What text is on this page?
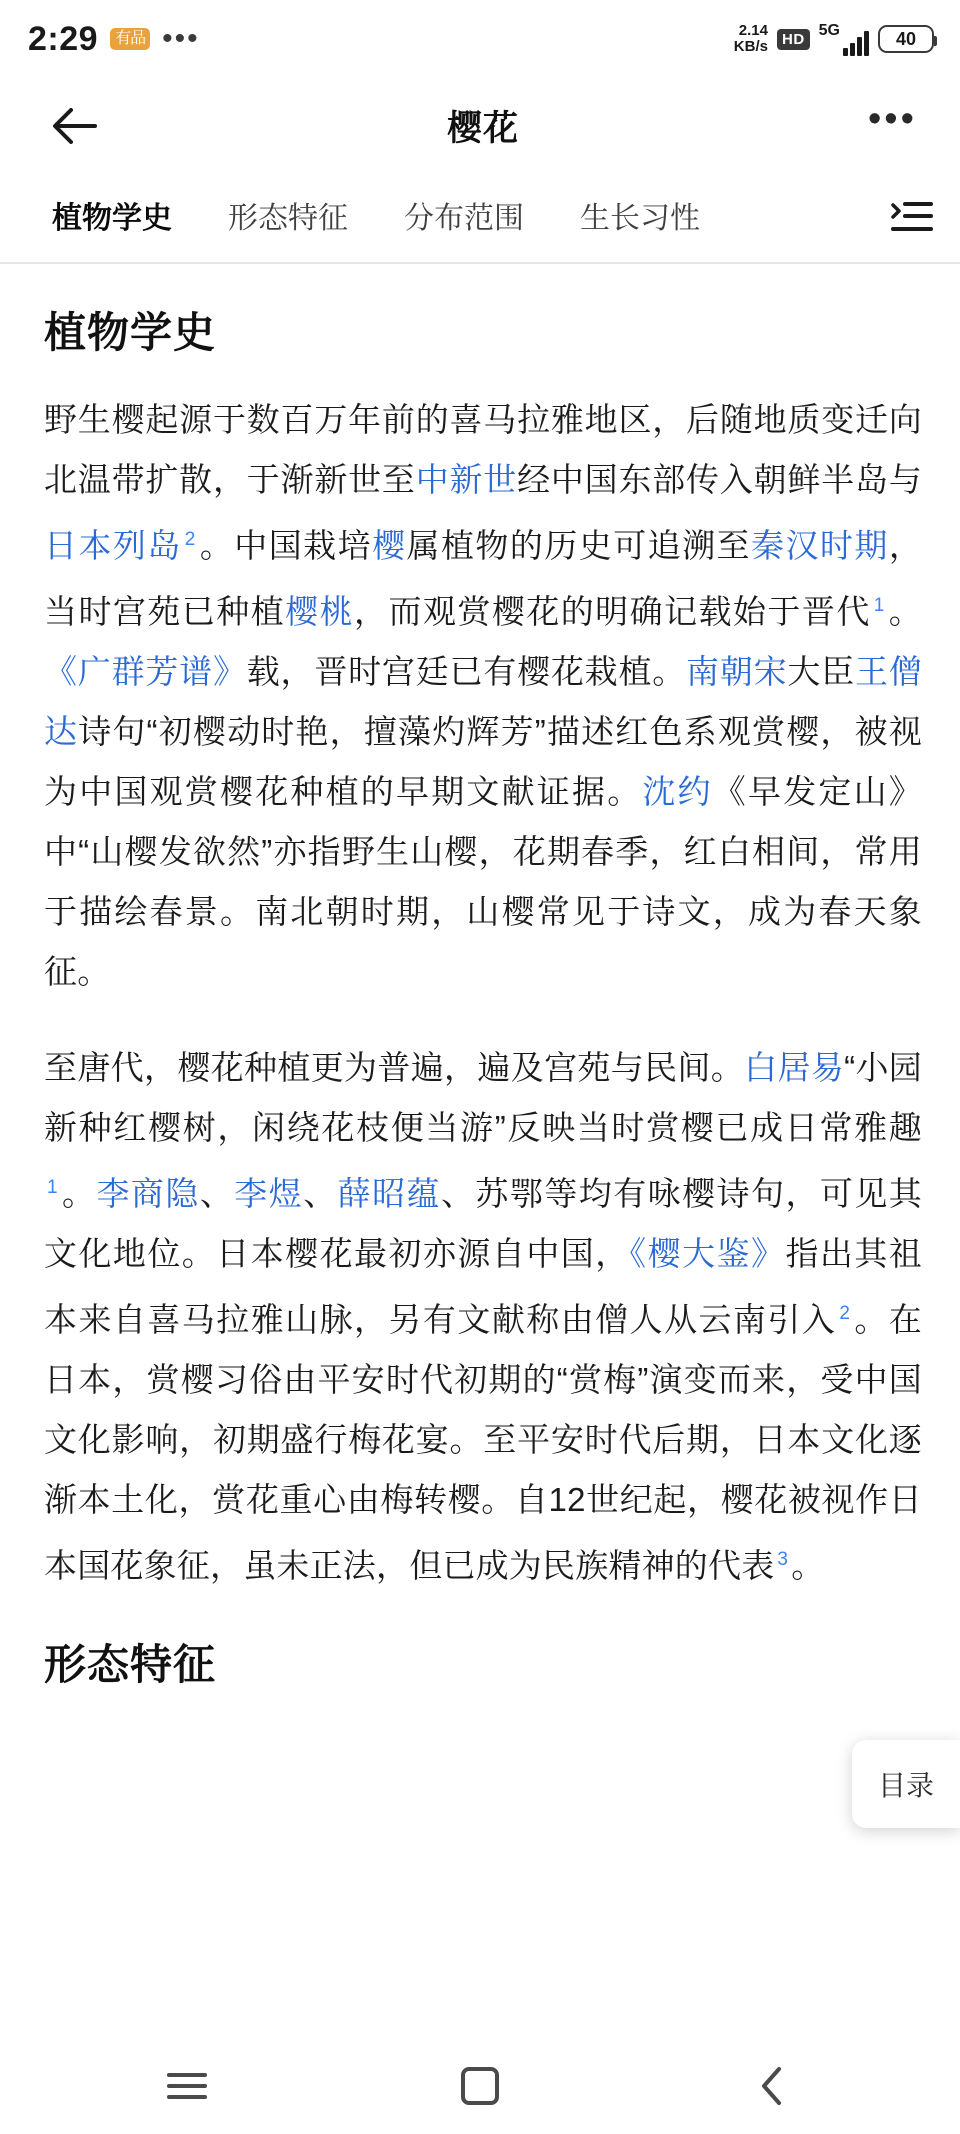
2:29	有品 •••	2.14
KB/s HD
5G	40
樱花	•••
植物学史 形态特征 分布范围 生长习性
植物学史

野生樱起源于数百万年前的喜马拉雅地区，后随地质变迁向北温带扩散，于渐新世至中新世经中国东部传入朝鲜半岛与日本列岛 $^2$。中国栽培樱属植物的历史可追溯至秦汉时期，当时宫苑已种植樱桃，而观赏樱花的明确记载始于晋代 $^1$。《广群芳谱》载，晋时宫廷已有樱花栽植。南朝宋大臣王僧达诗句“初樱动时艳，擅藻灼辉芳”描述红色系观赏樱，被视为中国观赏樱花种植的早期文献证据。沈约《早发定山》中“山樱发欲然”亦指野生山樱，花期春季，红白相间，常用于描绘春景。南北朝时期，山樱常见于诗文，成为春天象征。

至唐代，樱花种植更为普遍，遍及宫苑与民间。白居易“小园新种红樱树，闲绕花枝便当游”反映当时赏樱已成日常雅趣$^1$。李商隐、李煜、薛昭蕴、苏鄂等均有咏樱诗句，可见其文化地位。日本樱花最初亦源自中国，《樱大鉴》指出其祖本来自喜马拉雅山脉，另有文献称由僧人从云南引入 $^2$。在日本，赏樱习俗由平安时代初期的“赏梅”演变而来，受中国文化影响，初期盛行梅花宴。至平安时代后期，日本文化逐渐本土化，赏花重心由梅转樱。自12世纪起，樱花被视作日本国花象征，虽未正法，但已成为民族精神的代表 $^3$。

形态特征
目录
